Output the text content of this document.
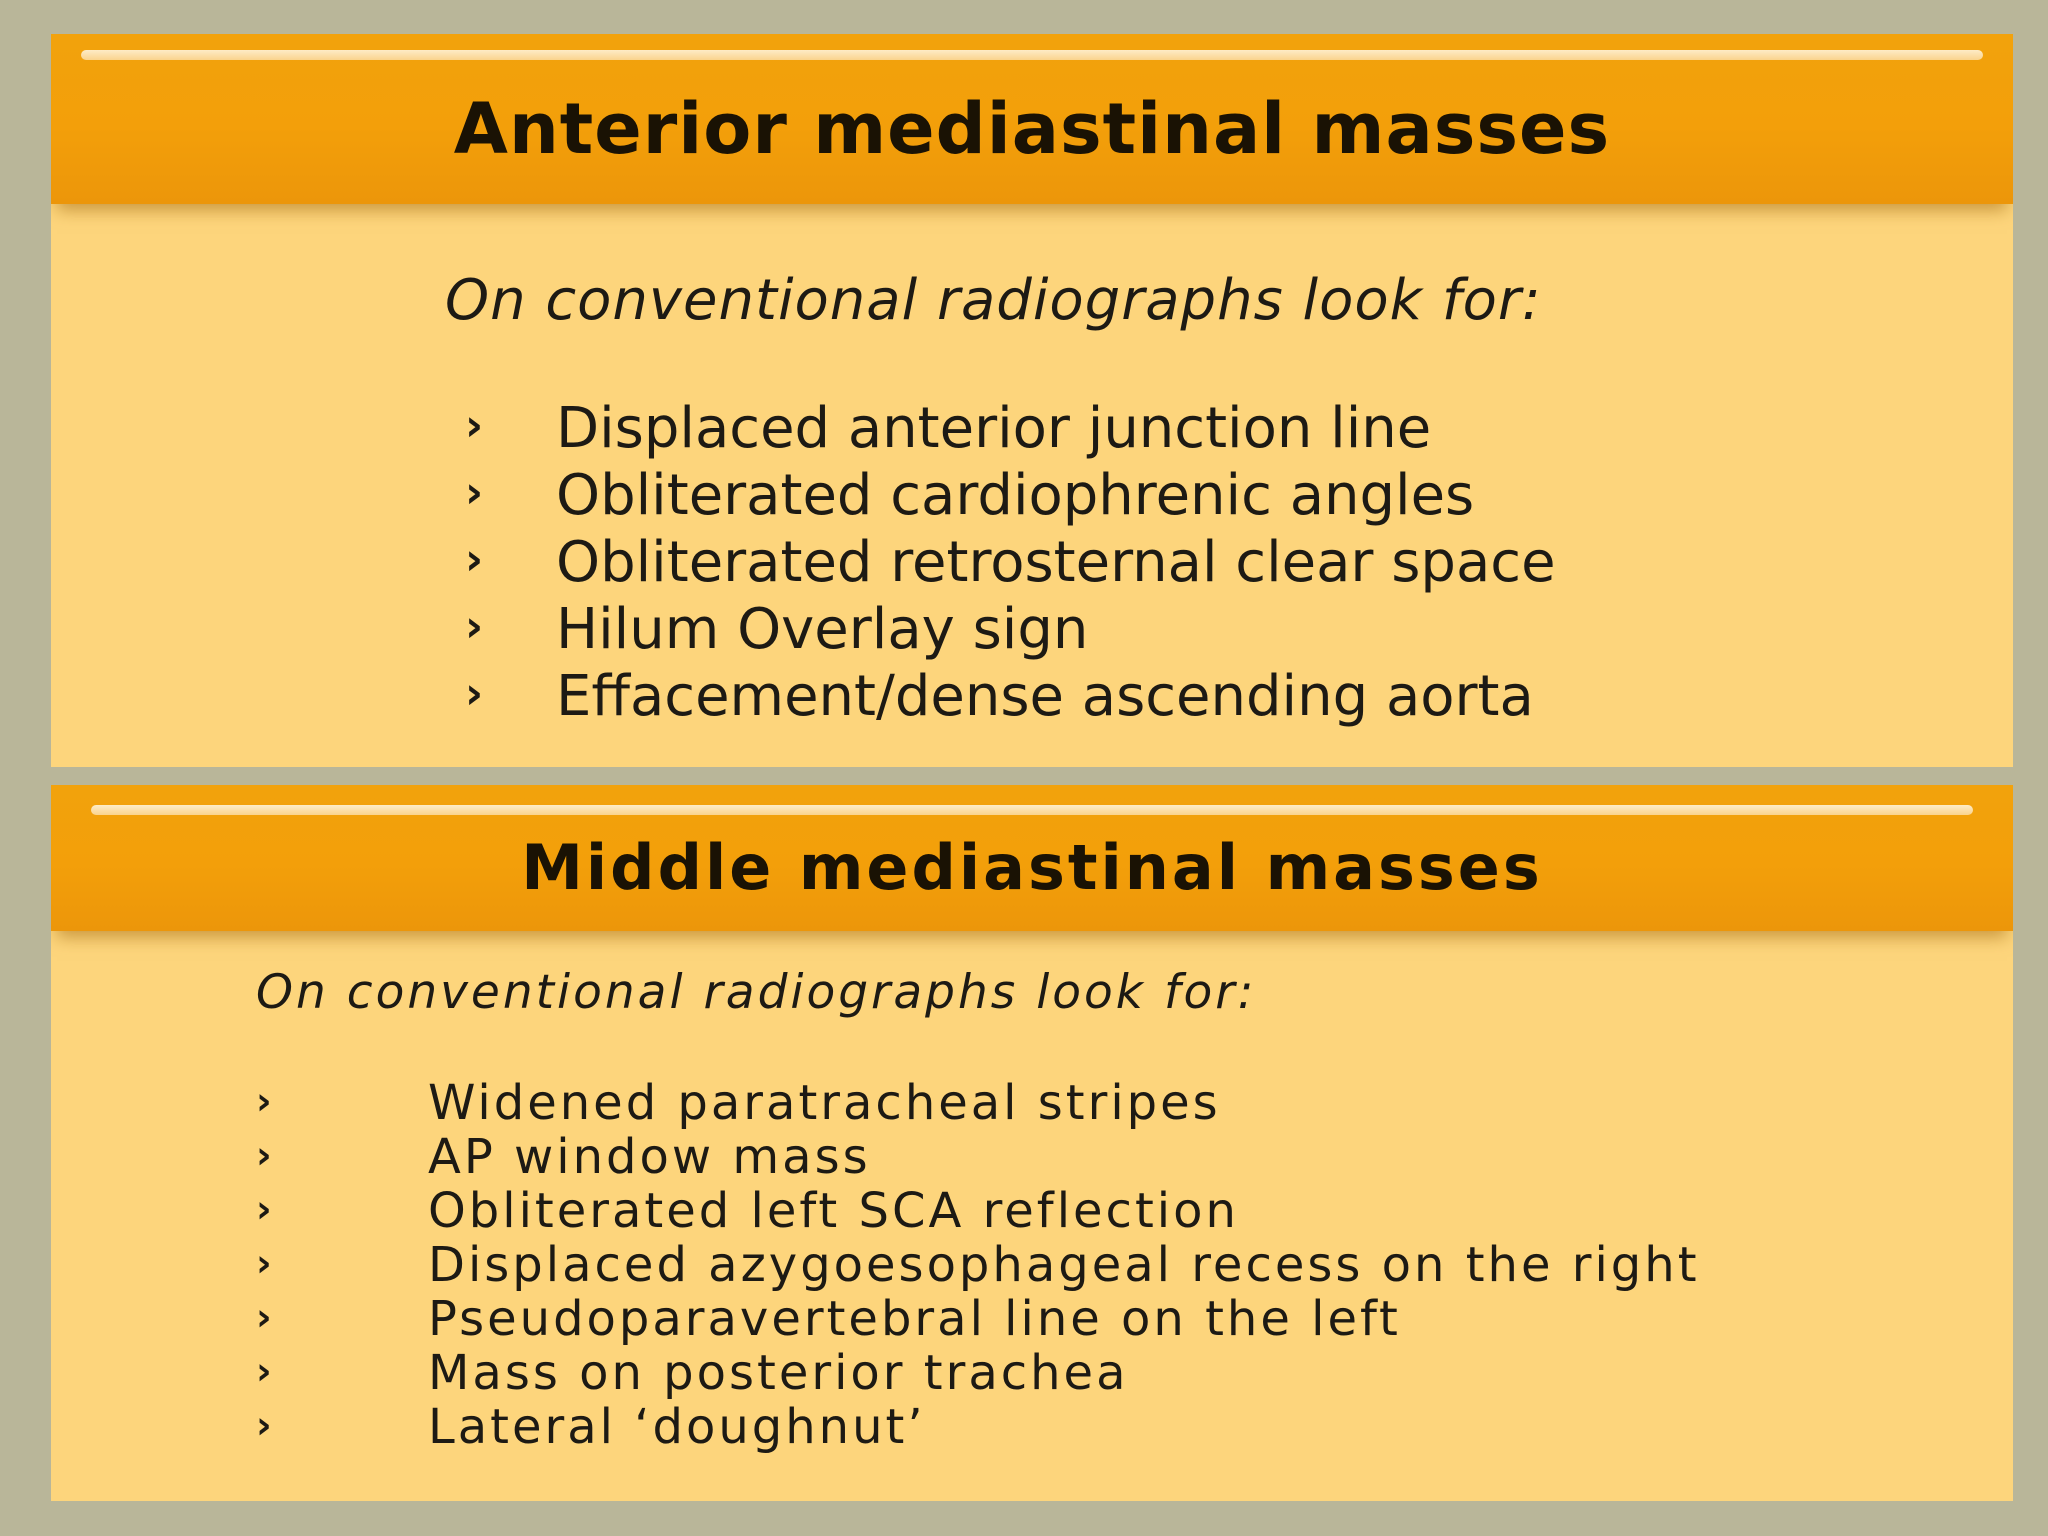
Anterior mediastinal masses
On conventional radiographs look for:
› Displaced anterior junction line
› Obliterated cardiophrenic angles
› Obliterated retrosternal clear space
› Hilum Overlay sign
› Effacement/dense ascending aorta
Middle mediastinal masses
On conventional radiographs look for:
›	Widened paratracheal stripes
›	AP window mass
›	Obliterated left SCA reflection
›	Displaced azygoesophageal recess on the right
›	Pseudoparavertebral line on the left
›	Mass on posterior trachea
›	Lateral ‘doughnut’
